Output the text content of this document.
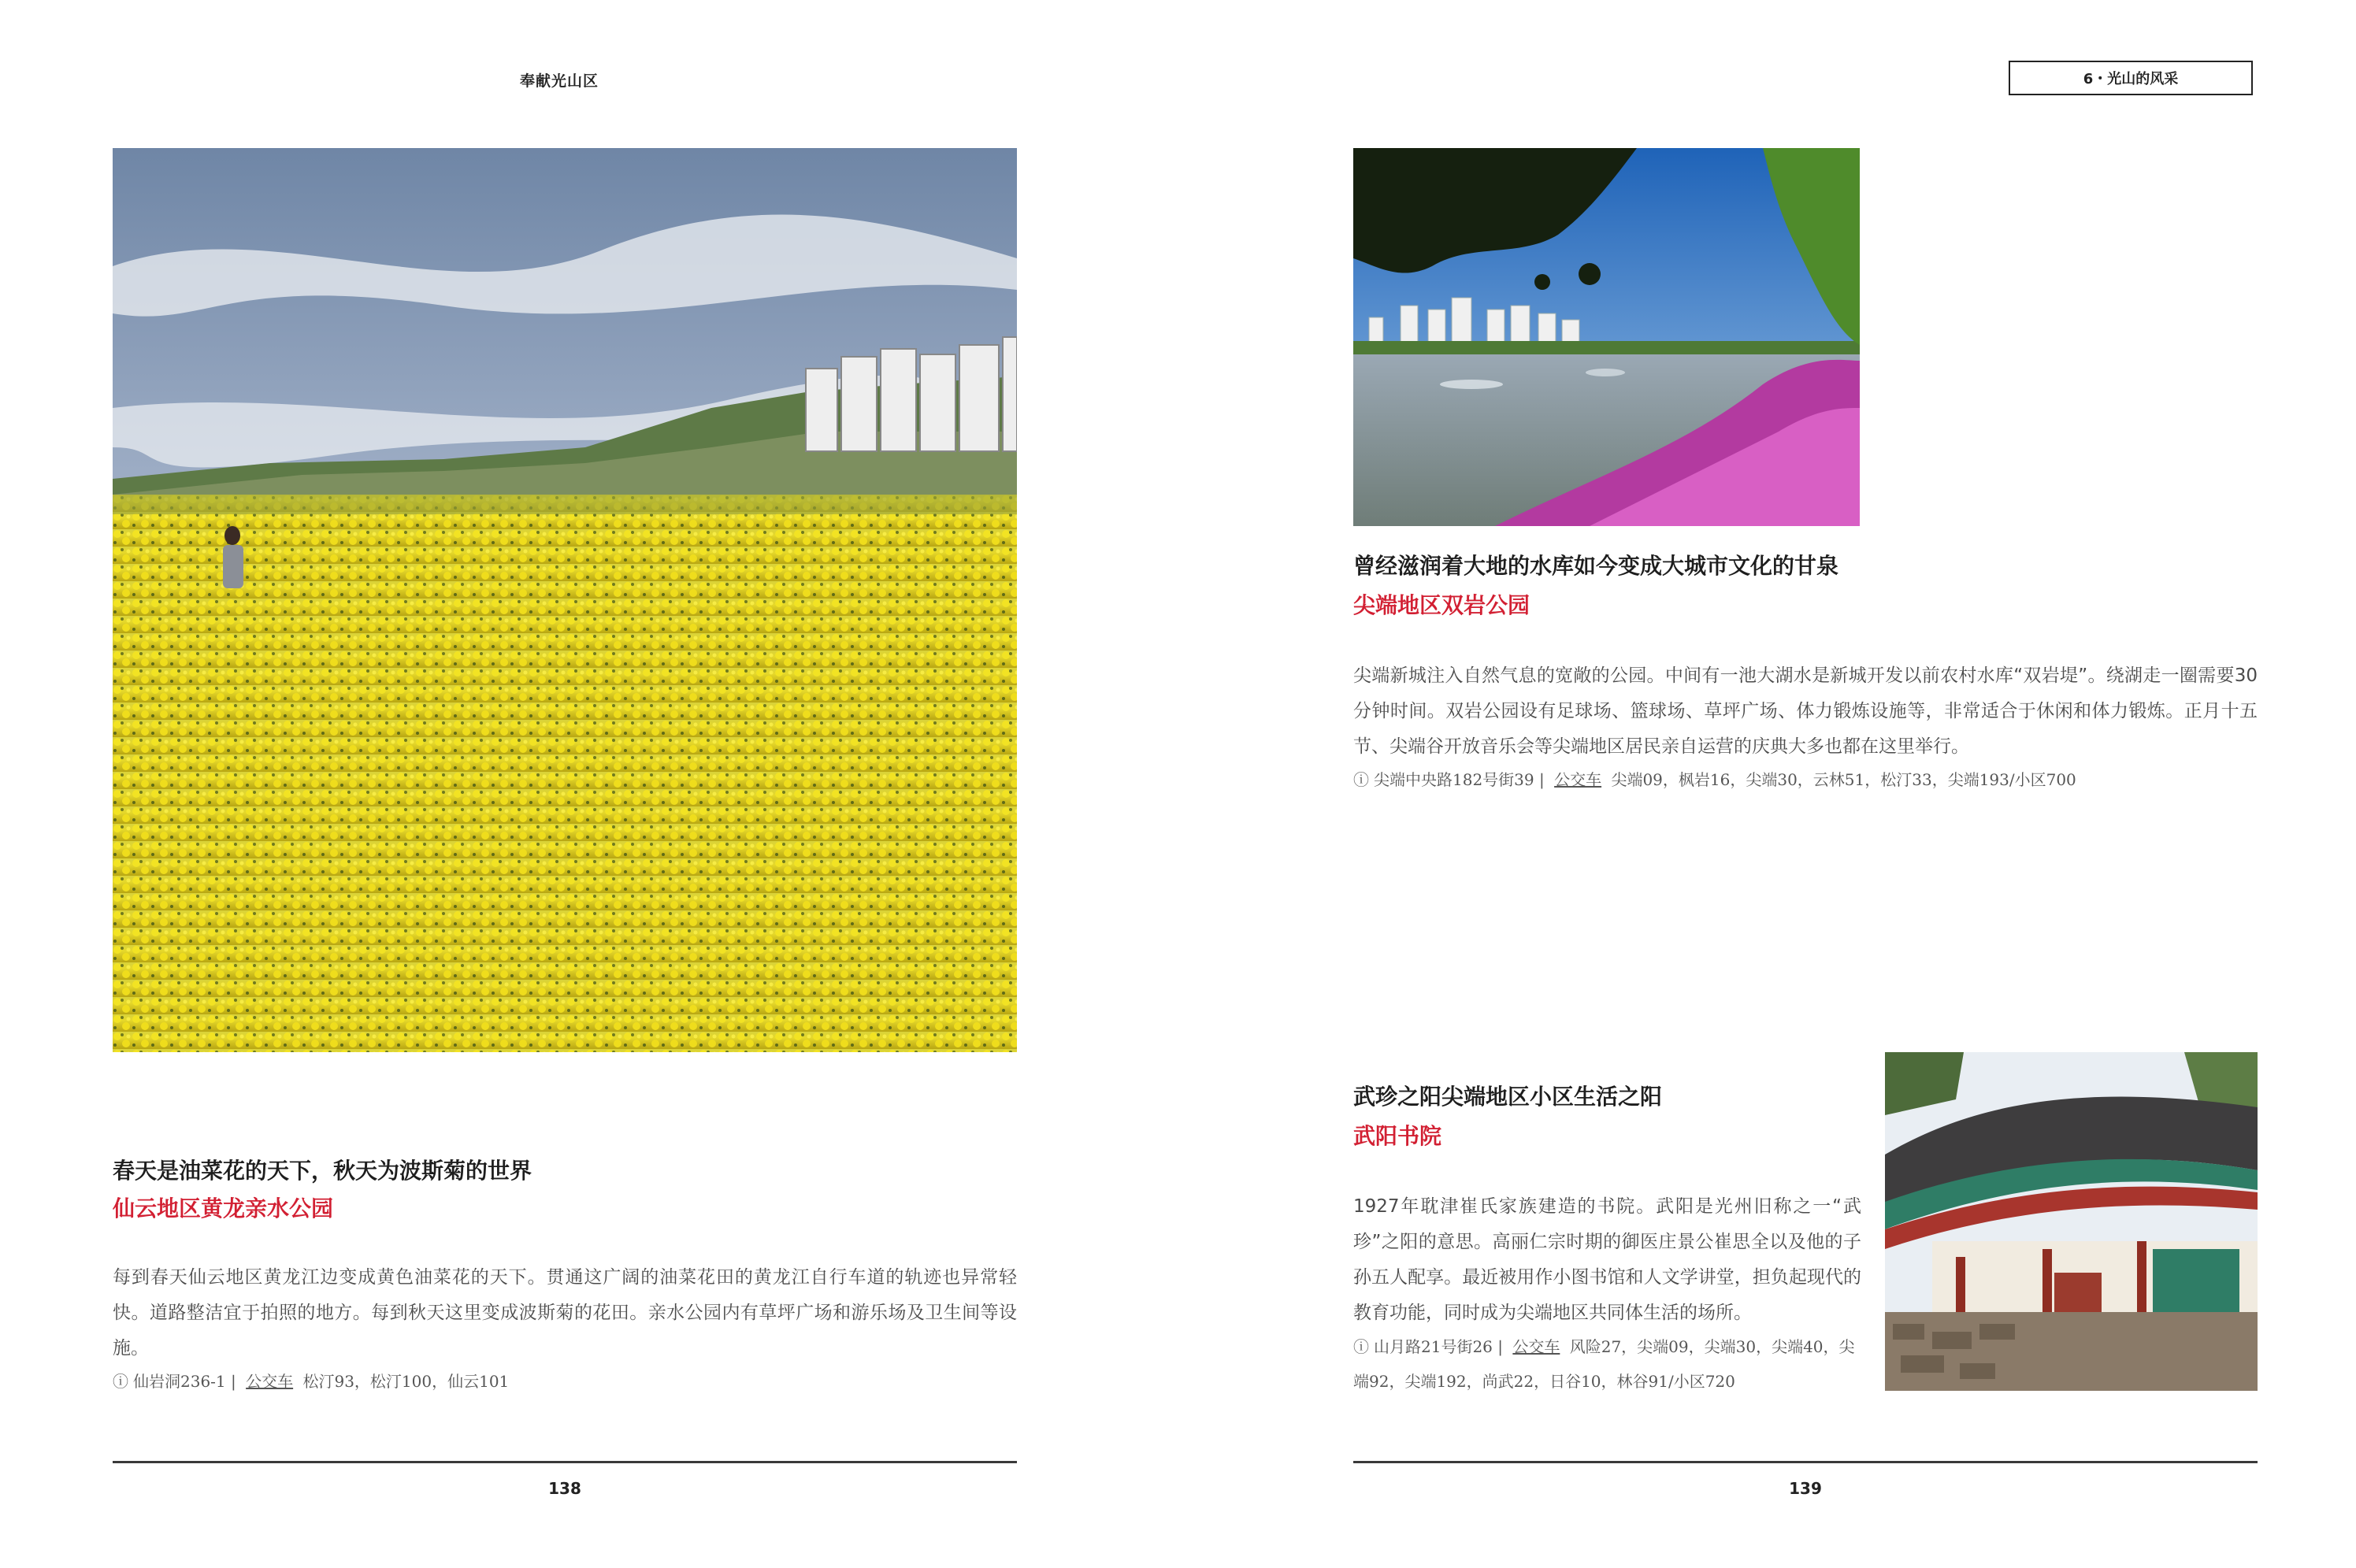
奉献光山区
春天是油菜花的天下，秋天为波斯菊的世界
仙云地区黄龙亲水公园
每到春天仙云地区黄龙江边变成黄色油菜花的天下。贯通这广阔的油菜花田的黄龙江自行车道的轨迹也异常轻快。道路整洁宜于拍照的地方。每到秋天这里变成波斯菊的花田。亲水公园内有草坪广场和游乐场及卫生间等设施。
ⓘ 仙岩洞236-1 | 公交车 松汀93，松汀100，仙云101
138
6・光山的风采
曾经滋润着大地的水库如今变成大城市文化的甘泉
尖端地区双岩公园
尖端新城注入自然气息的宽敞的公园。中间有一池大湖水是新城开发以前农村水库“双岩堤”。绕湖走一圈需要30分钟时间。双岩公园设有足球场、篮球场、草坪广场、体力锻炼设施等，非常适合于休闲和体力锻炼。正月十五节、尖端谷开放音乐会等尖端地区居民亲自运营的庆典大多也都在这里举行。
ⓘ 尖端中央路182号街39 | 公交车 尖端09，枫岩16，尖端30，云林51，松汀33，尖端193/小区700
武珍之阳尖端地区小区生活之阳
武阳书院
1927年耽津崔氏家族建造的书院。武阳是光州旧称之一“武珍”之阳的意思。高丽仁宗时期的御医庄景公崔思全以及他的子孙五人配享。最近被用作小图书馆和人文学讲堂，担负起现代的教育功能，同时成为尖端地区共同体生活的场所。
ⓘ 山月路21号街26 | 公交车 风险27，尖端09，尖端30，尖端40，尖端92，尖端192，尚武22，日谷10，林谷91/小区720
139
